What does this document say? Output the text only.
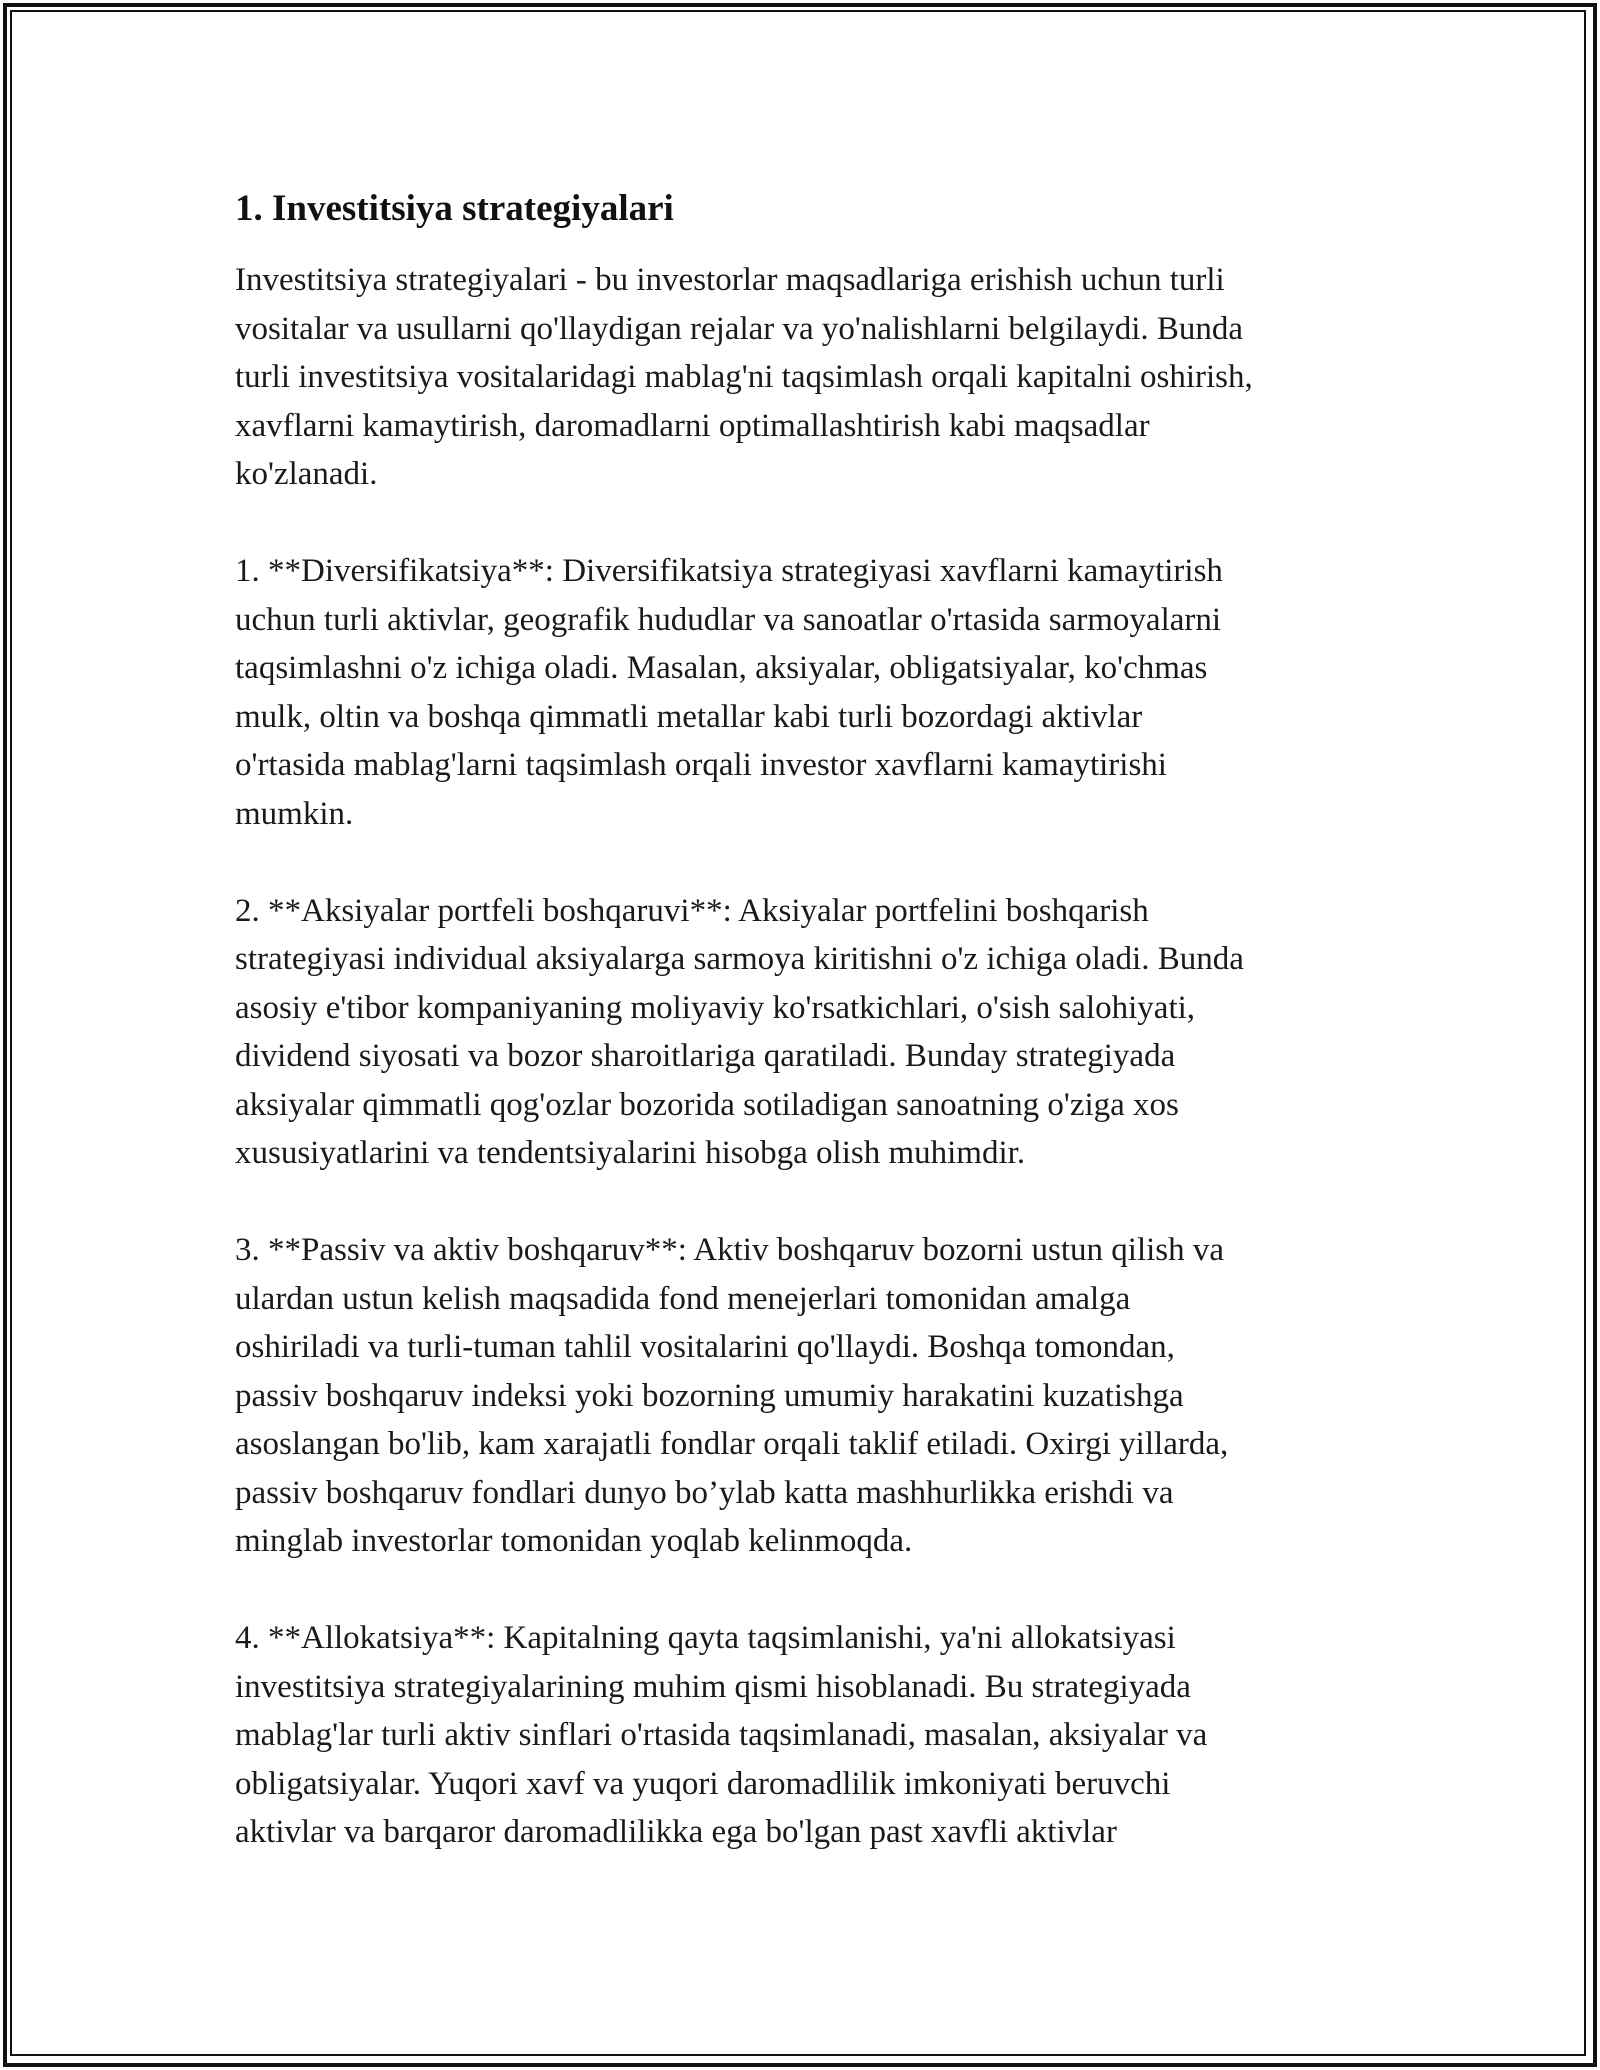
1. Investitsiya strategiyalari

Investitsiya strategiyalari - bu investorlar maqsadlariga erishish uchun turli
vositalar va usullarni qo'llaydigan rejalar va yo'nalishlarni belgilaydi. Bunda
turli investitsiya vositalaridagi mablag'ni taqsimlash orqali kapitalni oshirish,
xavflarni kamaytirish, daromadlarni optimallashtirish kabi maqsadlar
ko'zlanadi.

1. **Diversifikatsiya**: Diversifikatsiya strategiyasi xavflarni kamaytirish
uchun turli aktivlar, geografik hududlar va sanoatlar o'rtasida sarmoyalarni
taqsimlashni o'z ichiga oladi. Masalan, aksiyalar, obligatsiyalar, ko'chmas
mulk, oltin va boshqa qimmatli metallar kabi turli bozordagi aktivlar
o'rtasida mablag'larni taqsimlash orqali investor xavflarni kamaytirishi
mumkin.

2. **Aksiyalar portfeli boshqaruvi**: Aksiyalar portfelini boshqarish
strategiyasi individual aksiyalarga sarmoya kiritishni o'z ichiga oladi. Bunda
asosiy e'tibor kompaniyaning moliyaviy ko'rsatkichlari, o'sish salohiyati,
dividend siyosati va bozor sharoitlariga qaratiladi. Bunday strategiyada
aksiyalar qimmatli qog'ozlar bozorida sotiladigan sanoatning o'ziga xos
xususiyatlarini va tendentsiyalarini hisobga olish muhimdir.

3. **Passiv va aktiv boshqaruv**: Aktiv boshqaruv bozorni ustun qilish va
ulardan ustun kelish maqsadida fond menejerlari tomonidan amalga
oshiriladi va turli-tuman tahlil vositalarini qo'llaydi. Boshqa tomondan,
passiv boshqaruv indeksi yoki bozorning umumiy harakatini kuzatishga
asoslangan bo'lib, kam xarajatli fondlar orqali taklif etiladi. Oxirgi yillarda,
passiv boshqaruv fondlari dunyo bo’ylab katta mashhurlikka erishdi va
minglab investorlar tomonidan yoqlab kelinmoqda.

4. **Allokatsiya**: Kapitalning qayta taqsimlanishi, ya'ni allokatsiyasi
investitsiya strategiyalarining muhim qismi hisoblanadi. Bu strategiyada
mablag'lar turli aktiv sinflari o'rtasida taqsimlanadi, masalan, aksiyalar va
obligatsiyalar. Yuqori xavf va yuqori daromadlilik imkoniyati beruvchi
aktivlar va barqaror daromadlilikka ega bo'lgan past xavfli aktivlar
